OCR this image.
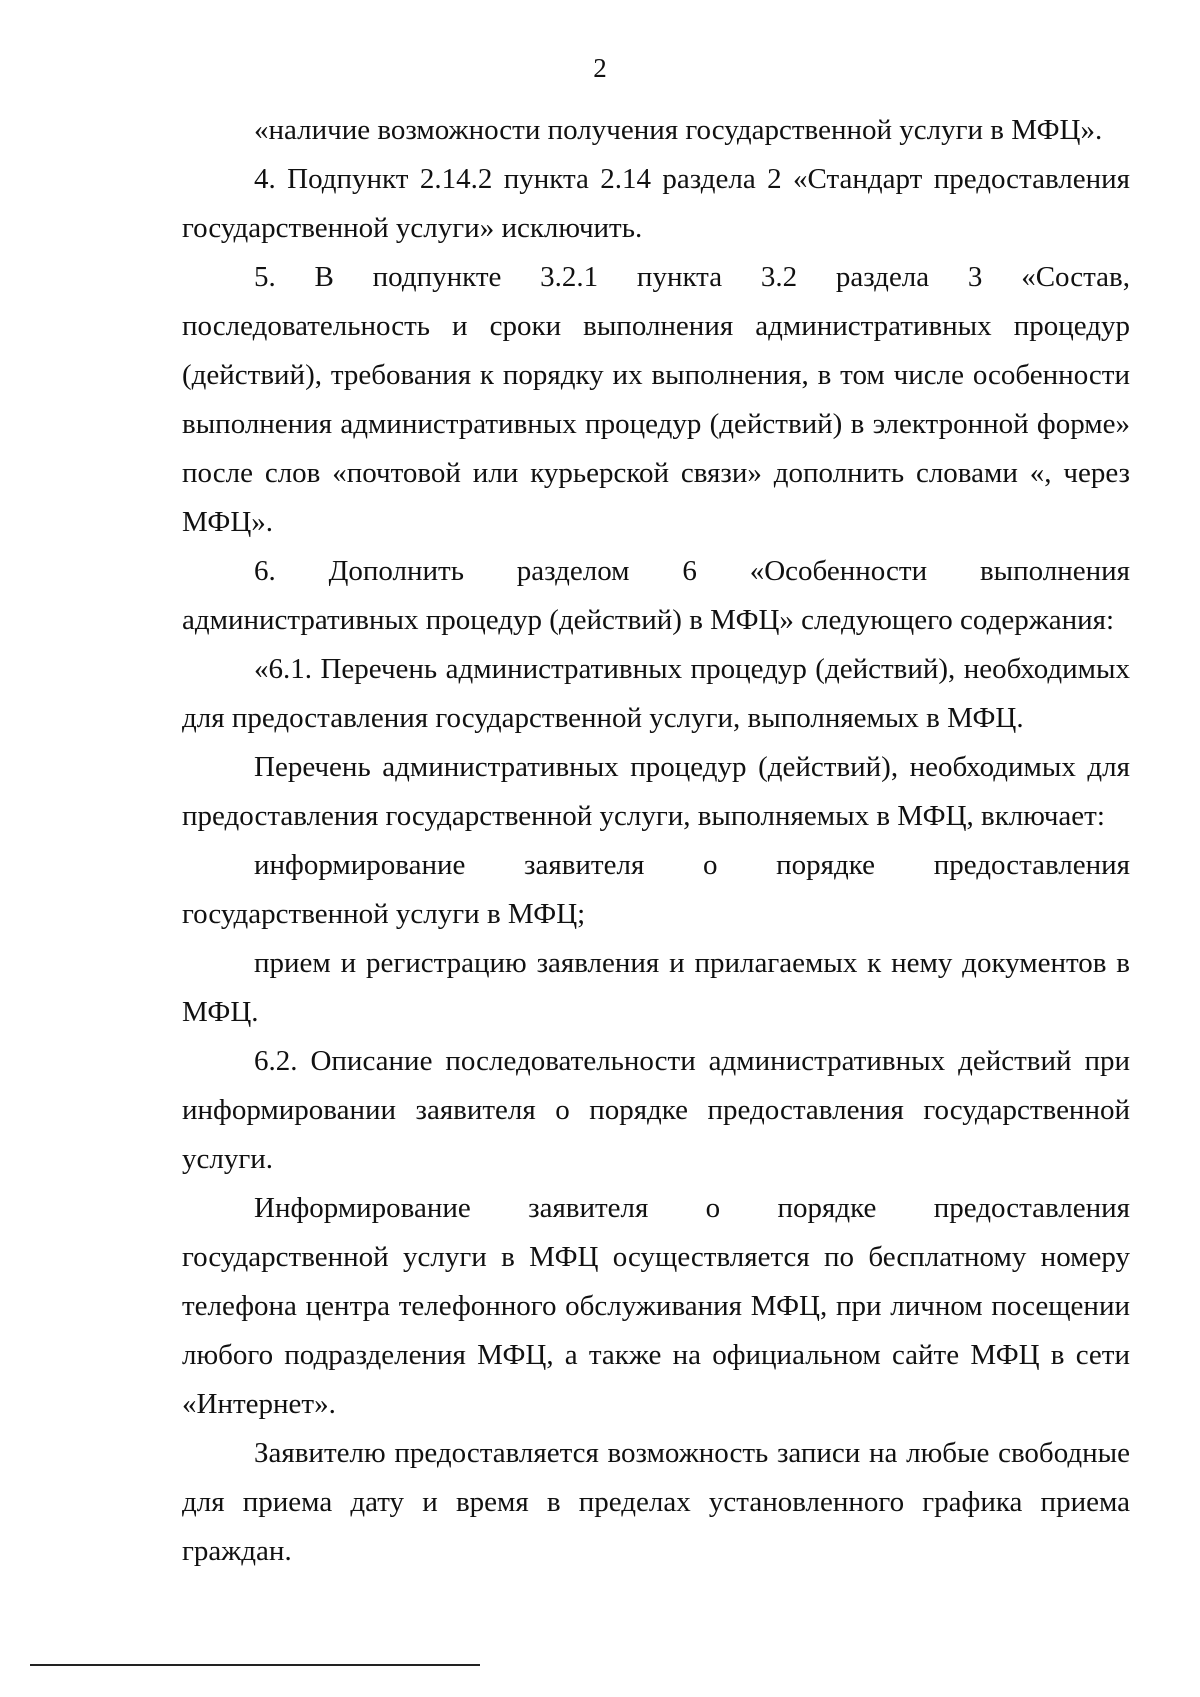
2

«наличие возможности получения государственной услуги в МФЦ».

4. Подпункт 2.14.2 пункта 2.14 раздела 2 «Стандарт предоставления государственной услуги» исключить.

5. В подпункте 3.2.1 пункта 3.2 раздела 3 «Состав, последовательность и сроки выполнения административных процедур (действий), требования к порядку их выполнения, в том числе особенности выполнения административных процедур (действий) в электронной форме» после слов «почтовой или курьерской связи» дополнить словами «, через МФЦ».

6. Дополнить разделом 6 «Особенности выполнения административных процедур (действий) в МФЦ» следующего содержания:

«6.1. Перечень административных процедур (действий), необходимых для предоставления государственной услуги, выполняемых в МФЦ.

Перечень административных процедур (действий), необходимых для предоставления государственной услуги, выполняемых в МФЦ, включает:

информирование заявителя о порядке предоставления государственной услуги в МФЦ;

прием и регистрацию заявления и прилагаемых к нему документов в МФЦ.

6.2. Описание последовательности административных действий при информировании заявителя о порядке предоставления государственной услуги.

Информирование заявителя о порядке предоставления государственной услуги в МФЦ осуществляется по бесплатному номеру телефона центра телефонного обслуживания МФЦ, при личном посещении любого подразделения МФЦ, а также на официальном сайте МФЦ в сети «Интернет».

Заявителю предоставляется возможность записи на любые свободные для приема дату и время в пределах установленного графика приема граждан.
